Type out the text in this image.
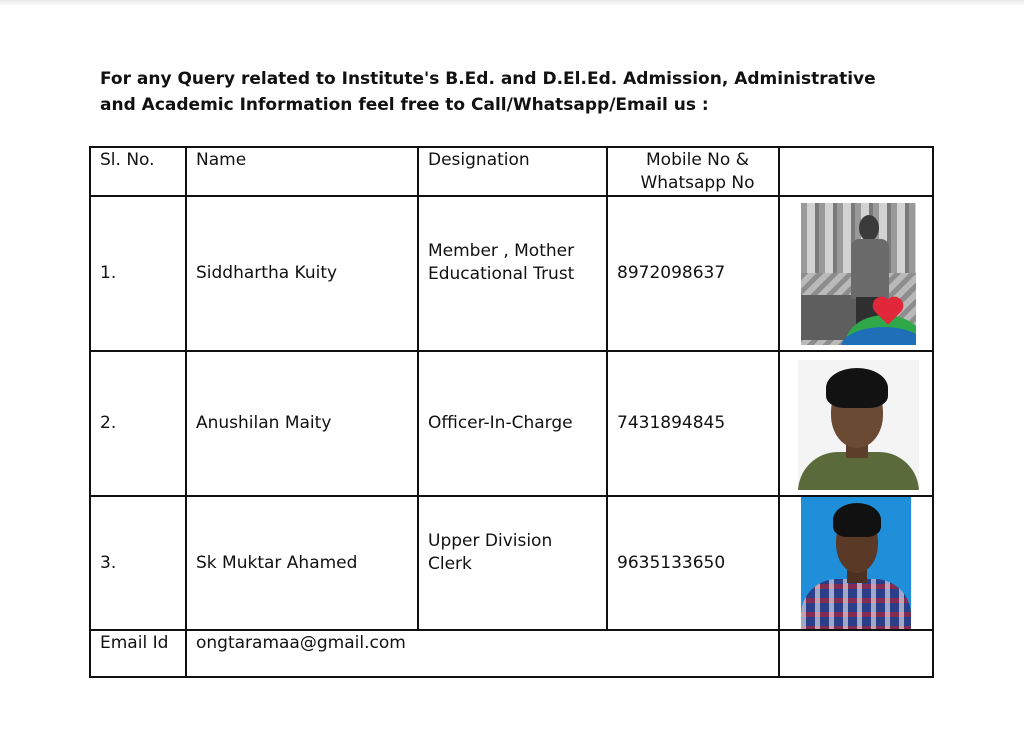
For any Query related to Institute's B.Ed. and D.El.Ed. Admission, Administrative and Academic Information feel free to Call/Whatsapp/Email us :

Sl. No.	Name	Designation	Mobile No & Whatsapp No	
1.	Siddhartha Kuity	Member , Mother Educational Trust	8972098637	

2.	Anushilan Maity	Officer-In-Charge	7431894845	

3.	Sk Muktar Ahamed	Upper Division Clerk	9635133650	

Email Id	ongtaramaa@gmail.com			
